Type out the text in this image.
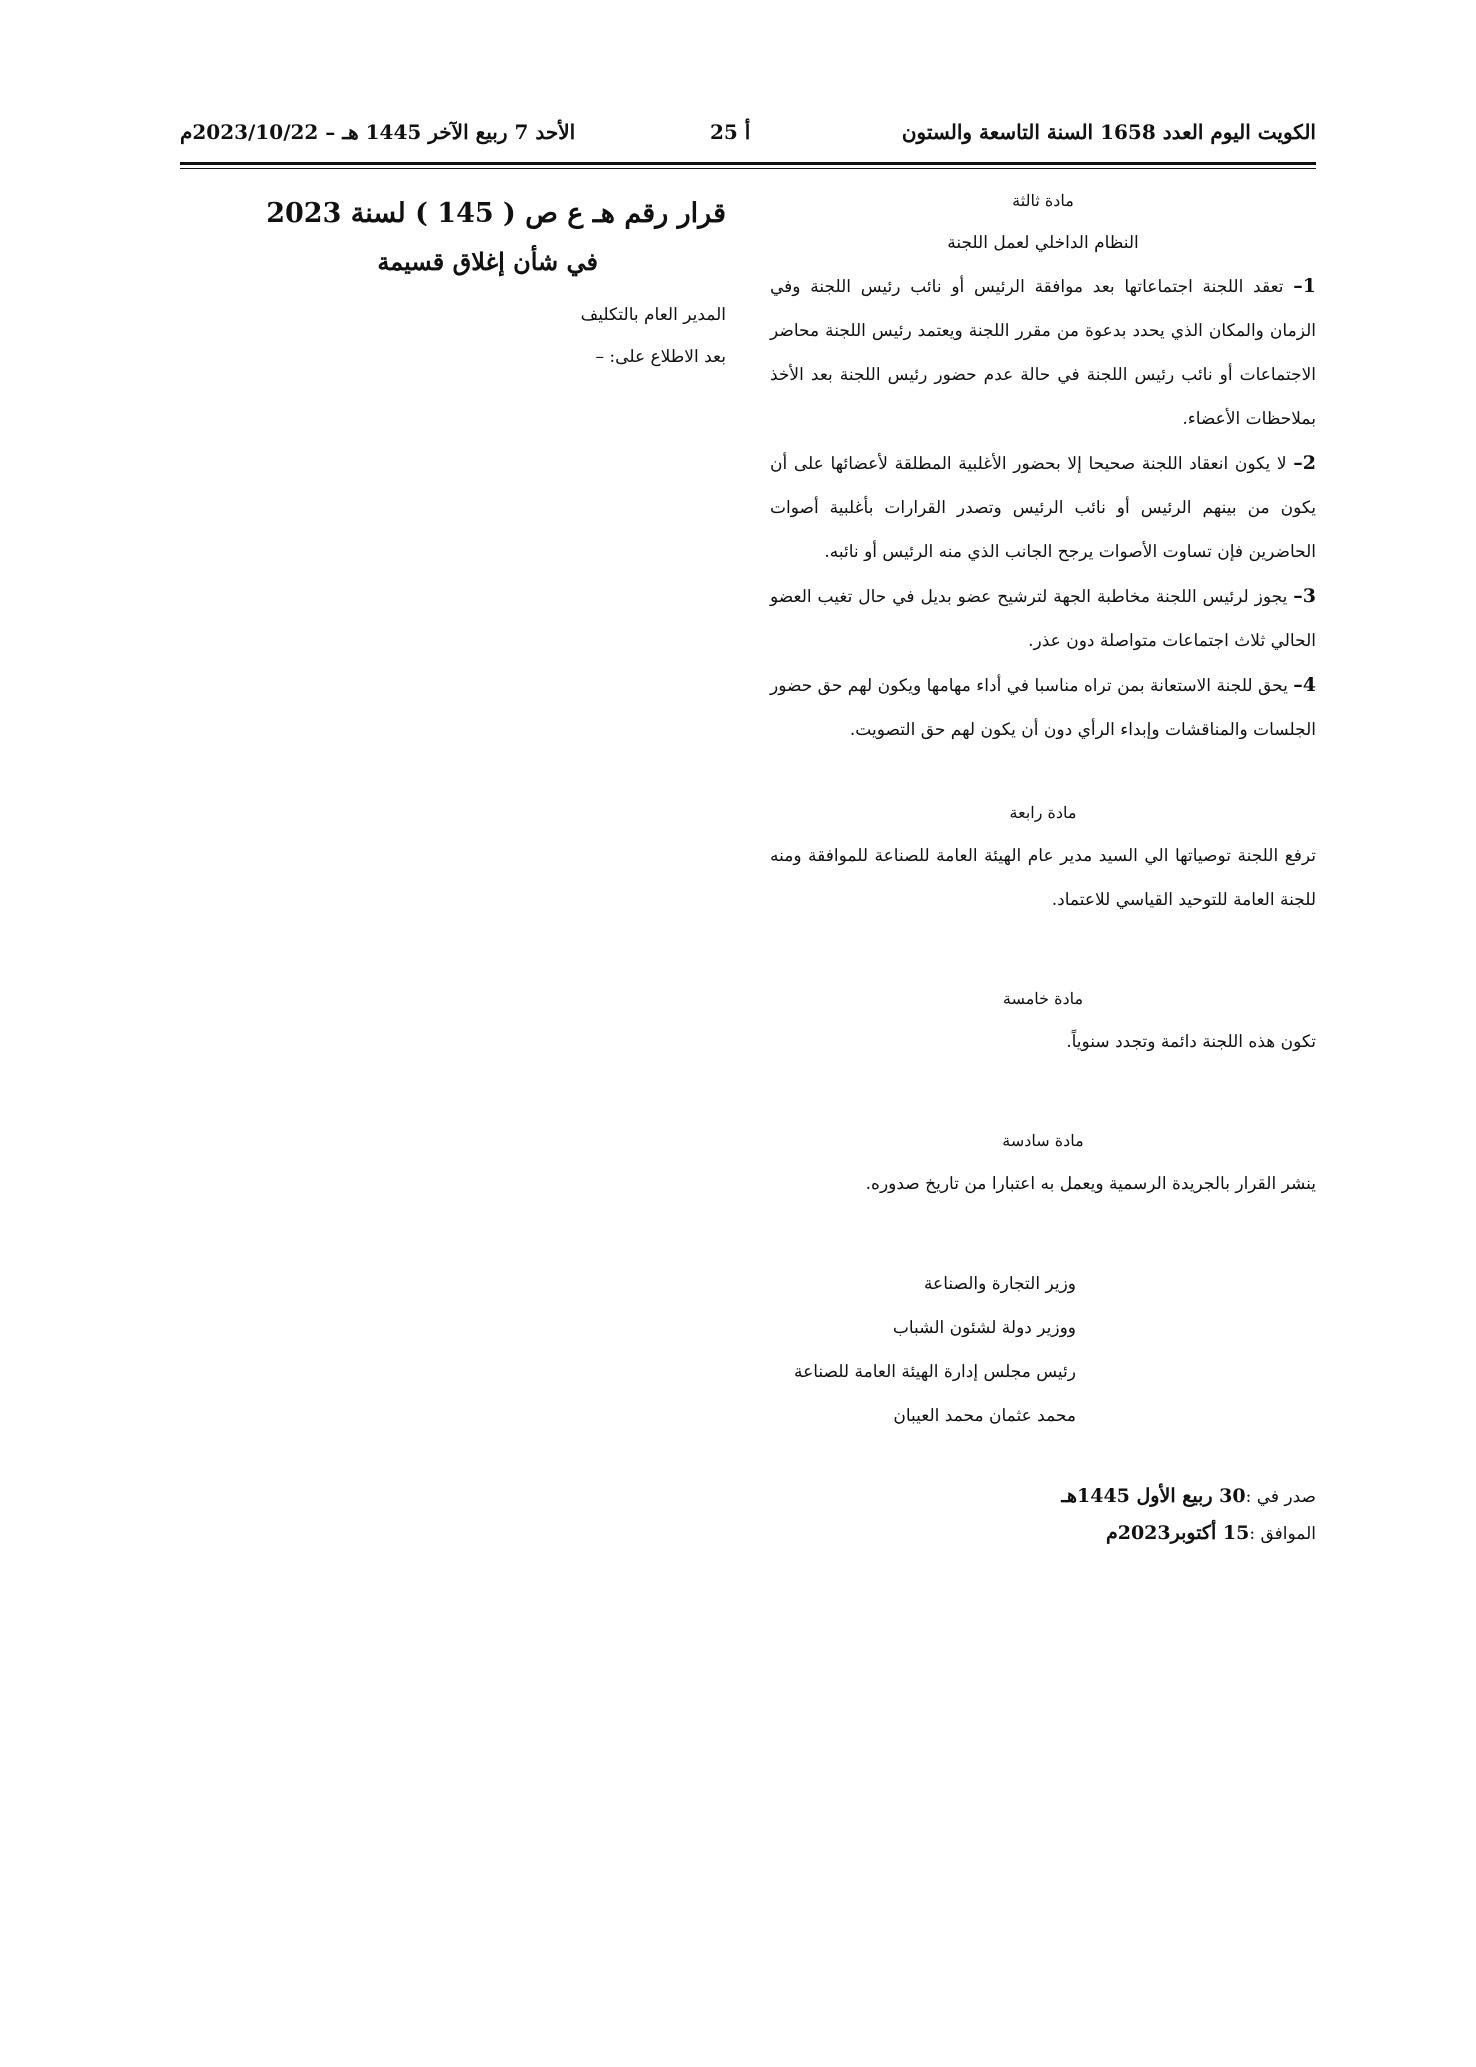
الأحد 7 ربيع الآخر 1445 هـ – 2023/10/22م	أ 25	الكويت اليوم العدد 1658 السنة التاسعة والستون
مادة ثالثة
النظام الداخلي لعمل اللجنة

1– تعقد اللجنة اجتماعاتها بعد موافقة الرئيس أو نائب رئيس اللجنة وفي الزمان والمكان الذي يحدد بدعوة من مقرر اللجنة ويعتمد رئيس اللجنة محاضر الاجتماعات أو نائب رئيس اللجنة في حالة عدم حضور رئيس اللجنة بعد الأخذ بملاحظات الأعضاء.

2– لا يكون انعقاد اللجنة صحيحا إلا بحضور الأغلبية المطلقة لأعضائها على أن يكون من بينهم الرئيس أو نائب الرئيس وتصدر القرارات بأغلبية أصوات الحاضرين فإن تساوت الأصوات يرجح الجانب الذي منه الرئيس أو نائبه.

3– يجوز لرئيس اللجنة مخاطبة الجهة لترشيح عضو بديل في حال تغيب العضو الحالي ثلاث اجتماعات متواصلة دون عذر.

4– يحق للجنة الاستعانة بمن تراه مناسبا في أداء مهامها ويكون لهم حق حضور الجلسات والمناقشات وإبداء الرأي دون أن يكون لهم حق التصويت.

مادة رابعة

ترفع اللجنة توصياتها الي السيد مدير عام الهيئة العامة للصناعة للموافقة ومنه للجنة العامة للتوحيد القياسي للاعتماد.

مادة خامسة

تكون هذه اللجنة دائمة وتجدد سنوياً.

مادة سادسة

ينشر القرار بالجريدة الرسمية ويعمل به اعتبارا من تاريخ صدوره.

وزير التجارة والصناعة
ووزير دولة لشئون الشباب
رئيس مجلس إدارة الهيئة العامة للصناعة
محمد عثمان محمد العيبان
صدر في :30 ربيع الأول 1445هـ
الموافق :15 أكتوبر2023م
قرار رقم هـ ع ص ( 145 ) لسنة 2023
في شأن إغلاق قسيمة
المدير العام بالتكليف
بعد الاطلاع على: –
